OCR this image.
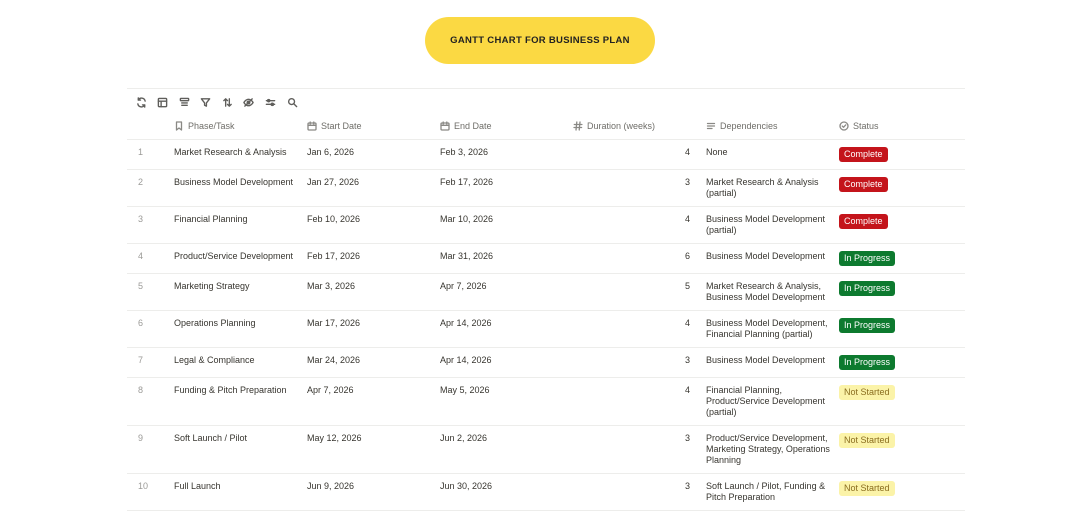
GANTT CHART FOR BUSINESS PLAN

	Phase/Task	Start Date	End Date	Duration (weeks)	Dependencies	Status

1	Market Research & Analysis	Jan 6, 2026	Feb 3, 2026	4	None	Complete
2	Business Model Development	Jan 27, 2026	Feb 17, 2026	3	Market Research & Analysis (partial)	Complete
3	Financial Planning	Feb 10, 2026	Mar 10, 2026	4	Business Model Development (partial)	Complete
4	Product/Service Development	Feb 17, 2026	Mar 31, 2026	6	Business Model Development	In Progress
5	Marketing Strategy	Mar 3, 2026	Apr 7, 2026	5	Market Research & Analysis, Business Model Development	In Progress
6	Operations Planning	Mar 17, 2026	Apr 14, 2026	4	Business Model Development, Financial Planning (partial)	In Progress
7	Legal & Compliance	Mar 24, 2026	Apr 14, 2026	3	Business Model Development	In Progress
8	Funding & Pitch Preparation	Apr 7, 2026	May 5, 2026	4	Financial Planning, Product/Service Development (partial)	Not Started
9	Soft Launch / Pilot	May 12, 2026	Jun 2, 2026	3	Product/Service Development, Marketing Strategy, Operations Planning	Not Started
10	Full Launch	Jun 9, 2026	Jun 30, 2026	3	Soft Launch / Pilot, Funding & Pitch Preparation	Not Started
